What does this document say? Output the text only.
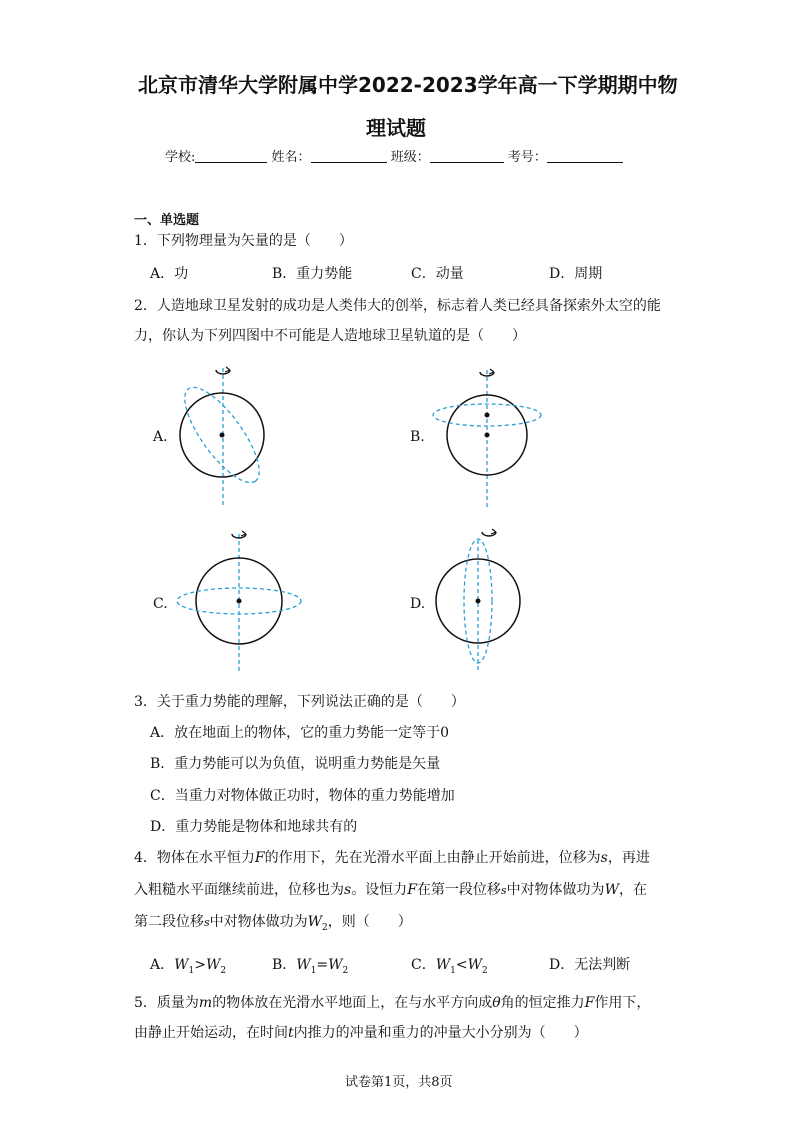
北京市清华大学附属中学2022-2023学年高一下学期期中物
理试题
学校:	姓名：	班级：	考号：
一、单选题
1．下列物理量为矢量的是（　　）
A．功	B．重力势能	C．动量	D．周期
2．人造地球卫星发射的成功是人类伟大的创举，标志着人类已经具备探索外太空的能
力，你认为下列四图中不可能是人造地球卫星轨道的是（　　）
A.	B.
C.	D.
3．关于重力势能的理解，下列说法正确的是（　　）
A．放在地面上的物体，它的重力势能一定等于0
B．重力势能可以为负值，说明重力势能是矢量
C．当重力对物体做正功时，物体的重力势能增加
D．重力势能是物体和地球共有的
4．物体在水平恒力F的作用下，先在光滑水平面上由静止开始前进，位移为s，再进
入粗糙水平面继续前进，位移也为s。设恒力F在第一段位移s中对物体做功为W，在
第二段位移s中对物体做功为$W_2$，则（　　）
A．$W_1>W_2$	B．$W_1=W_2$	C．$W_1<W_2$	D．无法判断
5．质量为m的物体放在光滑水平地面上，在与水平方向成θ角的恒定推力F作用下，
由静止开始运动，在时间t内推力的冲量和重力的冲量大小分别为（　　）
试卷第1页，共8页
